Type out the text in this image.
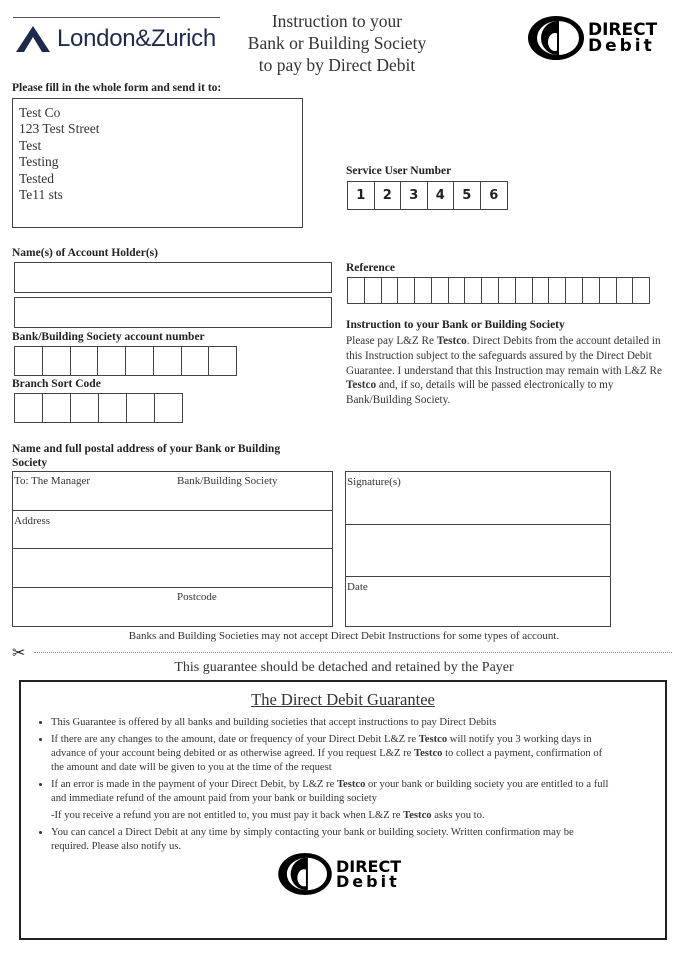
London&Zurich
Instruction to your
Bank or Building Society
to pay by Direct Debit
DIRECT
Debit
Please fill in the whole form and send it to:
Test Co
123 Test Street
Test
Testing
Tested
Te11 sts
Service User Number
1	2	3	4	5	6
Name(s) of Account Holder(s)
Reference
Bank/Building Society account number
Branch Sort Code
Instruction to your Bank or Building Society
Please pay L&Z Re Testco. Direct Debits from the account detailed in this Instruction subject to the safeguards assured by the Direct Debit Guarantee. I understand that this Instruction may remain with L&Z Re Testco and, if so, details will be passed electronically to my Bank/Building Society.
Name and full postal address of your Bank or Building Society
To: The Manager	Bank/Building Society
Address
Postcode
Signature(s)
Date
Banks and Building Societies may not accept Direct Debit Instructions for some types of account.
✂
This guarantee should be detached and retained by the Payer
The Direct Debit Guarantee
• This Guarantee is offered by all banks and building societies that accept instructions to pay Direct Debits
• If there are any changes to the amount, date or frequency of your Direct Debit L&Z re Testco will notify you 3 working days in advance of your account being debited or as otherwise agreed. If you request L&Z re Testco to collect a payment, confirmation of the amount and date will be given to you at the time of the request
• If an error is made in the payment of your Direct Debit, by L&Z re Testco or your bank or building society you are entitled to a full and immediate refund of the amount paid from your bank or building society
-If you receive a refund you are not entitled to, you must pay it back when L&Z re Testco asks you to.
• You can cancel a Direct Debit at any time by simply contacting your bank or building society. Written confirmation may be required. Please also notify us.
DIRECT
Debit
